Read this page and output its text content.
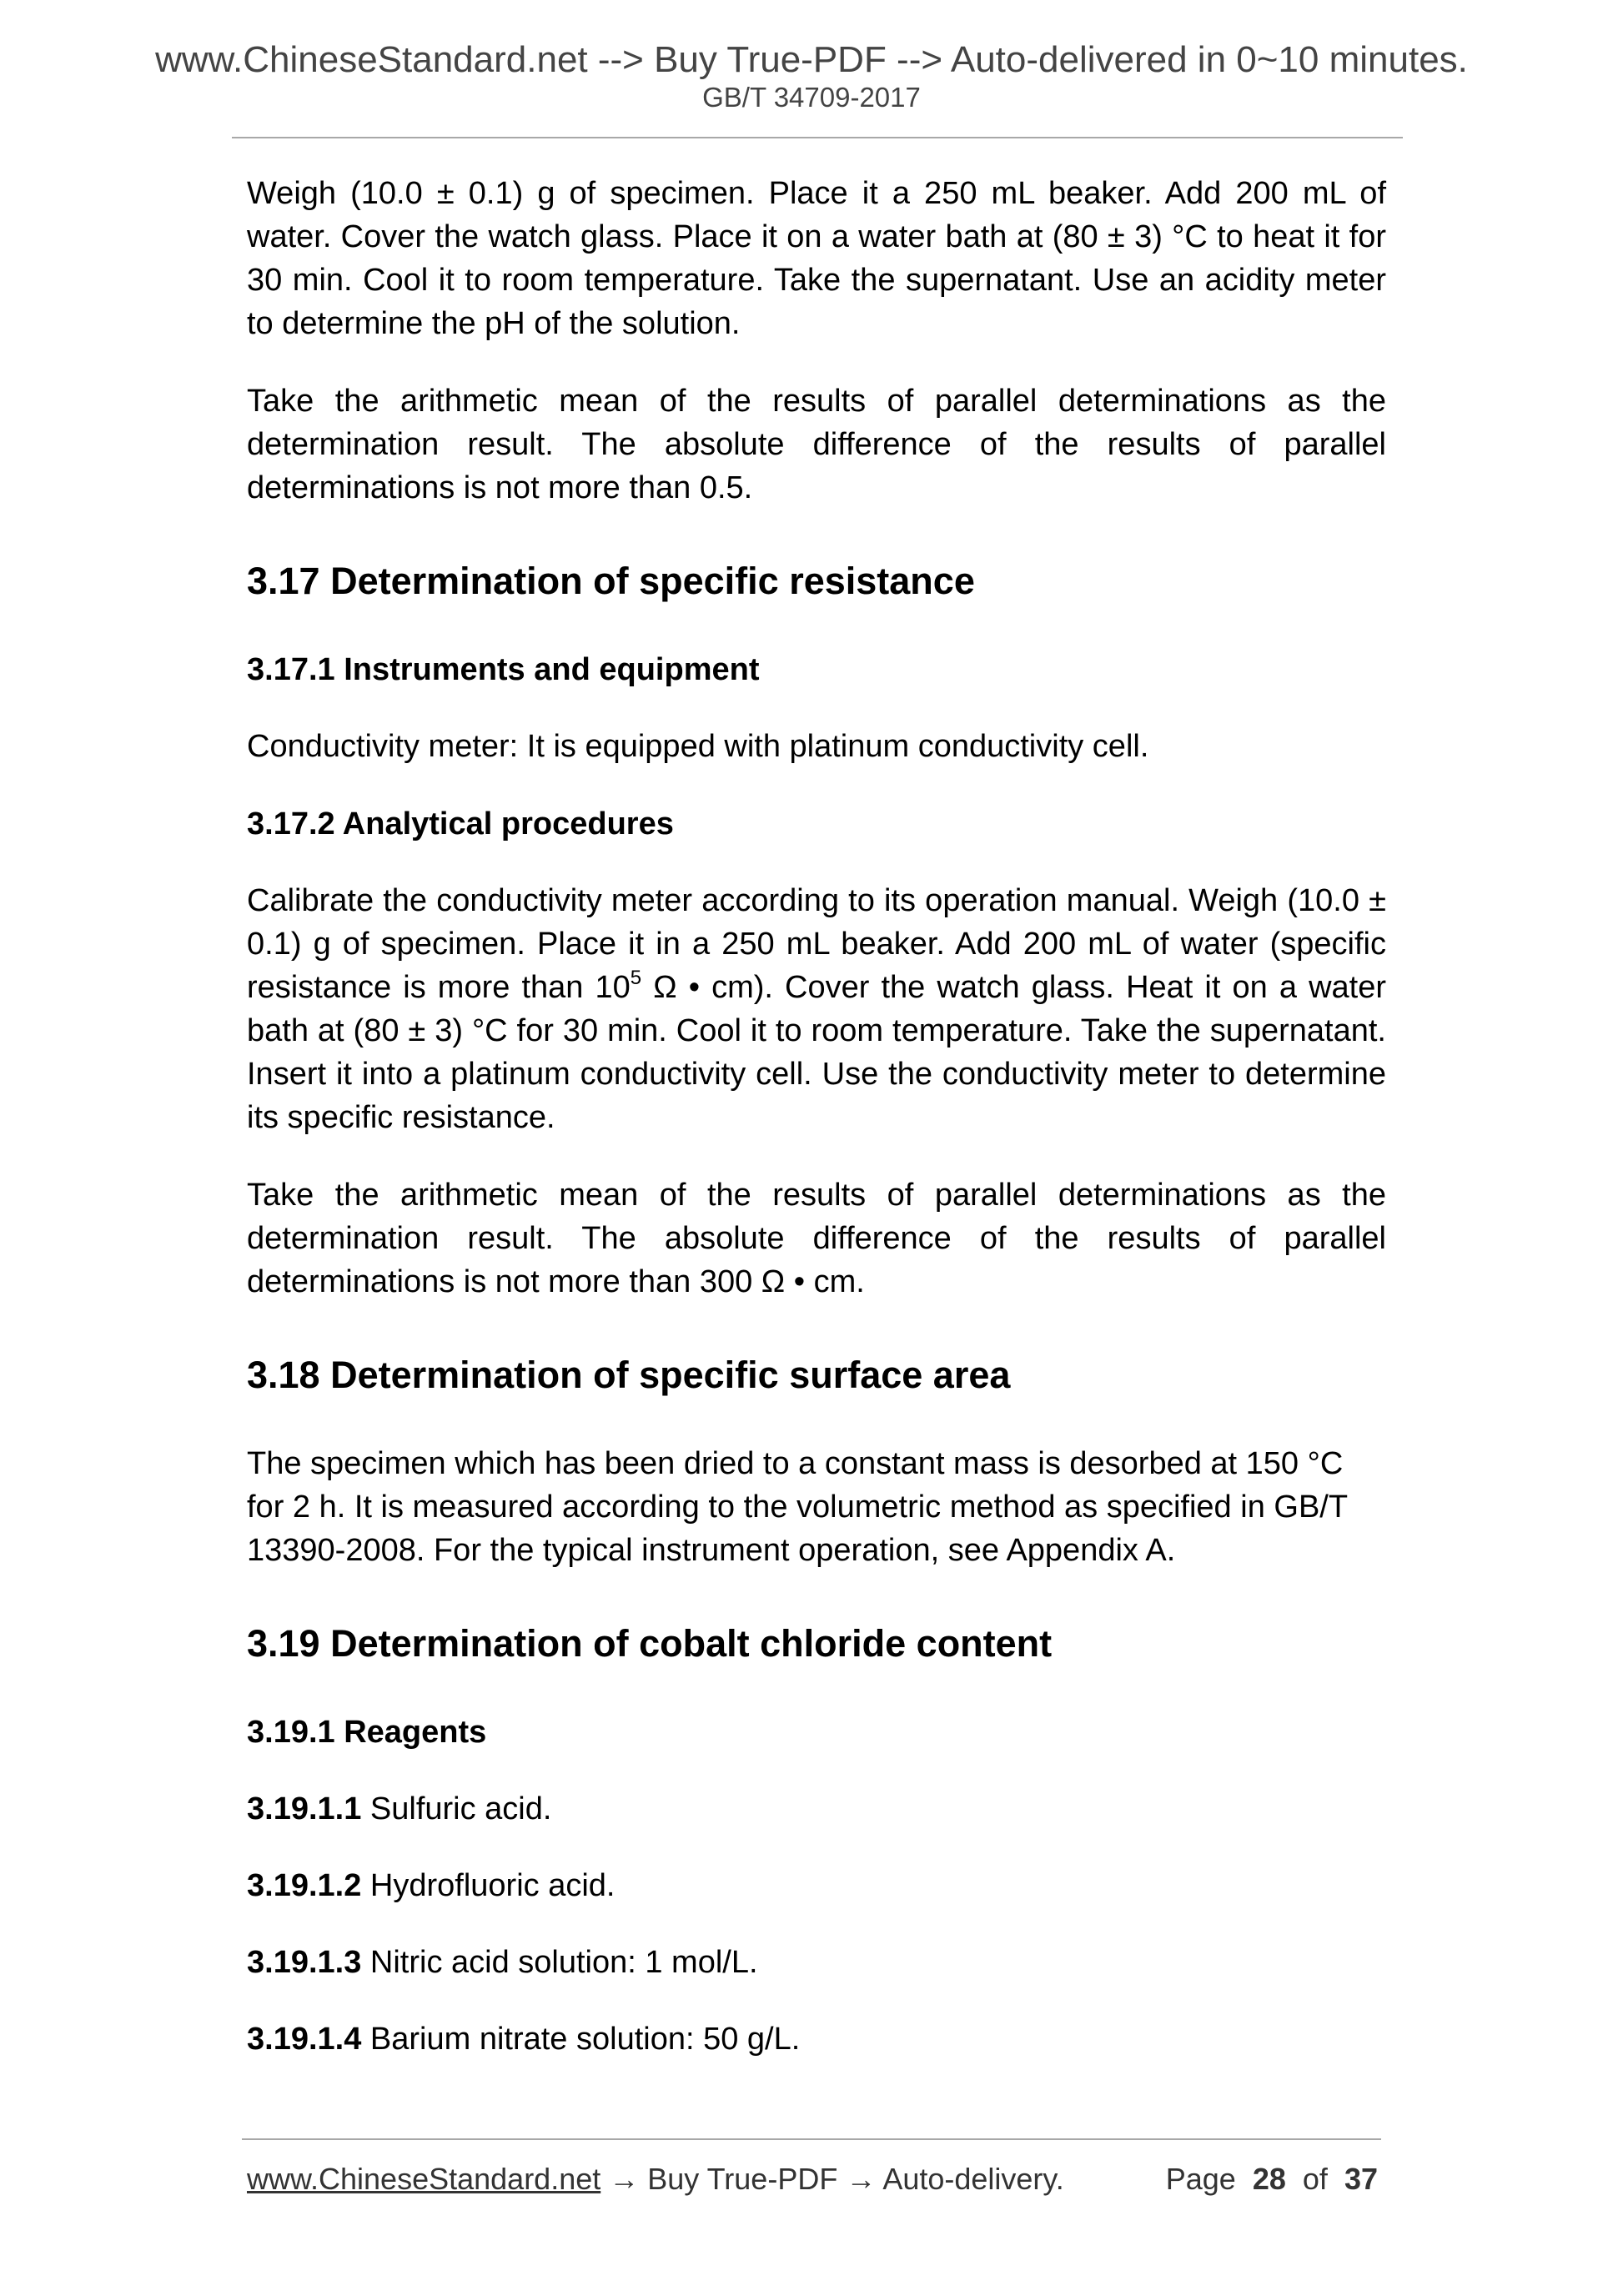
www.ChineseStandard.net --> Buy True-PDF --> Auto-delivered in 0~10 minutes.
GB/T 34709-2017

Weigh (10.0 ± 0.1) g of specimen. Place it a 250 mL beaker. Add 200 mL of water. Cover the watch glass. Place it on a water bath at (80 ± 3) °C to heat it for 30 min. Cool it to room temperature. Take the supernatant. Use an acidity meter to determine the pH of the solution.

Take the arithmetic mean of the results of parallel determinations as the determination result. The absolute difference of the results of parallel determinations is not more than 0.5.

3.17 Determination of specific resistance
3.17.1 Instruments and equipment

Conductivity meter: It is equipped with platinum conductivity cell.

3.17.2 Analytical procedures

Calibrate the conductivity meter according to its operation manual. Weigh (10.0 ± 0.1) g of specimen. Place it in a 250 mL beaker. Add 200 mL of water (specific resistance is more than $10^5$ Ω • cm). Cover the watch glass. Heat it on a water bath at (80 ± 3) °C for 30 min. Cool it to room temperature. Take the supernatant. Insert it into a platinum conductivity cell. Use the conductivity meter to determine its specific resistance.

Take the arithmetic mean of the results of parallel determinations as the determination result. The absolute difference of the results of parallel determinations is not more than 300 Ω • cm.

3.18 Determination of specific surface area

The specimen which has been dried to a constant mass is desorbed at 150 °C for 2 h. It is measured according to the volumetric method as specified in GB/T 13390-2008. For the typical instrument operation, see Appendix A.

3.19 Determination of cobalt chloride content
3.19.1 Reagents
3.19.1.1 Sulfuric acid.
3.19.1.2 Hydrofluoric acid.
3.19.1.3 Nitric acid solution: 1 mol/L.
3.19.1.4 Barium nitrate solution: 50 g/L.
www.ChineseStandard.net → Buy True-PDF → Auto-delivery.	Page 28 of 37
